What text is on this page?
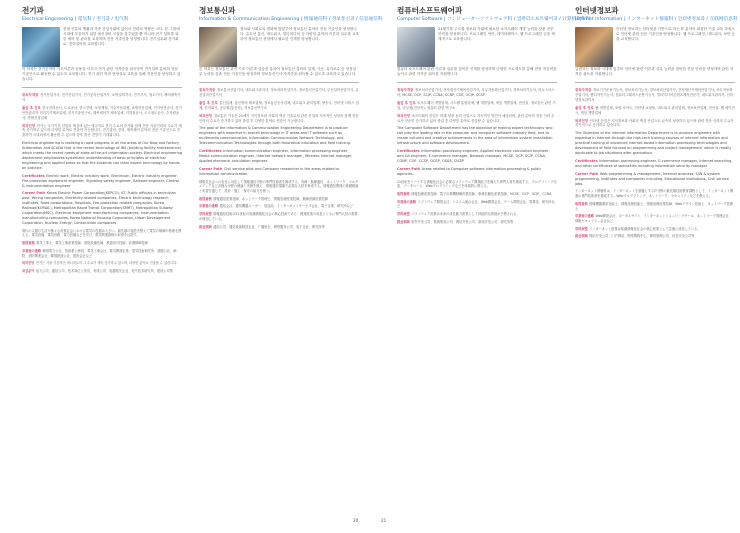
전기과
Electrical Engineering | 電気科 / 전기과 / 电气科
현대 인류의 생활과 각종 산업사회에 있어서 전력의 역할은 크다. 본 그룹에 시대에 부응하기 위한 최신장비 시설을 갖추었을 뿐 아니라 전기 설비를 위한 제어 및 관리를 교육하며 전문 기술인을 양성합니다. 전기실무와 전기회로, 전력설비를 교육합니다.
이 학과는 전기공학의 기초이론과 응용을 익히고 전기 관련 자격증을 취득하여 전기설비 분야의 전문 기술인으로 활동할 수 있도록 교육합니다. 전기 관련 학과 현장실무 교육을 통해 전문인을 양성하고 있습니다.
취득자격증 전기산업기사, 전기산업기사, 전기공사산업기사, 소방설비기사, 전기기사, 철도기사, 제어계측기사
졸업 후 진로 한국전력공사, 도로공사, 한국전력, 포항제철, 기술자문위원, 소방전문업체, 전기안전공사, 전기안전관리자 전기기기제조업체, 전기기술연구소, 계측제어기 제조업체, 지하철공사, 도시철도공사, 수자원공사, 종합건설업체
학과전망 전기는 국가기간 산업의 핵심에 있는 에너지로 전기 수요의 증가와 함께 전문 기술인력의 수요가 계속 증가하고 있으며 다양한 분야로 진출이 가능합니다. 전기설비, 전력, 계측제어 분야의 전문 기술인으로 진출하여 국내외에서 활동할 수 있으며 향후 밝은 전망이 기대됩니다.
Electrical engineering is realizing a rapid progress in all the areas of Our Now and Factory Automation and SCADA that is the recent technology of IBS (building facility maintenance) which meets the recent needs of state-of-the-art information society. Electrical engineering department emphasizes systematic understanding of basic principles of electrical engineering and applied areas so that the students can learn expert technology by hands-on practice.
Certificates Electric work, Electric industry work, Electrician, Electric industry engineer, Fire protection equipment engineer, Signaling safety engineer, Railroad engineer, Control & instrumentation engineer
Career Path Korea Electric Power Corporation(KEPCO), KT, Public officials in technician post, Wiring companies, Electricity-related companies, Electric technology research institutes, Road corporations, Hospitals, Fire-protection related companies, Korea Railroad(KORAIL), Metropolitan Rapid Transit Corporation(SMRT), Metropolitan Subway Corporation(MSC), Electrical equipment manufacturing companies, Instrumentation manufacturing companies, Korea National Housing Corporation, Urban Development Corporation, Nuclear Energy, Construction companies
現代の人類の生活や様々な産業社会における電気の役割は大きい。最先端の施設を整えて電気の制御や管理を教える。電気設備、電気回路、電力設備などを学び、電気関連資格の取得を目指す。
取得資格 電気工事士、電気工事産業技師、消防設備技師、鉄道信号技師、計測制御技師
卒業後の進路 韓国電力公社、技術系公務員、電気工事会社、電気関連企業、電気技術研究所、道路公社、病院、消防関連会社、韓国鉄道公社、建設会社など
학과전망 전기는 가장 기본적인 에너지로서 그 수요가 계속 증가하고 있으며, 다양한 분야로 진출할 수 있습니다.
취업분야 电力公司、通信公司、技术岗位公务员、布线公司、电器相关企业、电气技术研究所、建设公司等
정보통신과
Information & Communication Engineering | 情報通信科 / 정보통신과 / 信息通信科
정보와 사회로의 변화에 발맞추어 정보통신 분야의 전문 기술인을 양성합니다. 유무선 통신, 네트워크, 멀티미디어 등 다양한 분야의 이론과 실무를 교육하여 정보통신 현장에서 필요한 인재를 양성합니다.
본 학과는 정보통신 관련 기초 이론과 실습을 통하여 정보통신 설비의 설계, 시공, 유지보수 등 현장실무 능력을 갖춘 전문 기술인을 양성하며 정보통신기사 자격증을 취득할 수 있도록 교육하고 있습니다.
취득자격증 정보통신산업기사, 네트워크관리사, 정보처리산업기사, 정보통신산업기사, 무선설비산업기사, 유선설비산업기사
졸업 후 진로 통신업체, 통신장비 제조업체, 정보통신공사업체, 네트워크 관리업체, 방송국, 인터넷 서비스 업체, 전자회사, 공무원(통신직), 정보통신연구소
학과전망 정보통신 기술은 21세기 지식정보화 사회의 핵심 기술로서 관련 산업의 지속적인 성장과 함께 전문 인력의 수요가 증가하고 있어 졸업 후 다양한 분야로 진출이 가능합니다.
The goal of the Information & Communication Engineering Department is to produce engineers with expertise in overall technology in IT areas and IT software such as multimedia communication, Information Communication Network Technology, and Telecommunication Technologies through both theoretical education and field training.
Certificates Information communication engineer, Information processing engineer, Media communication engineer, Internet network manager, Wireless Internet manager, Applied electronic calculation engineer.
Career Path Civil service pilot and Company researcher in the areas related to information communication.
情報化社会への変化に対応して情報通信分野の専門技術者を養成する。有線・無線通信、ネットワーク、マルチメディアなど多様な分野の理論と実務を教え、情報通信現場で必要な人材を育成する。情報通信関連の基礎理論と実習を通じて、設計・施工・保守の能力を養う。
取得資格 情報通信産業技師、ネットワーク管理士、情報処理産業技師、無線設備産業技師
卒業後の進路 通信会社、通信機器メーカー、放送局、インターネットサービス会社、電子企業、研究所など
学科展望 情報通信技術は21世紀の知識情報化社会の核心技術であり、関連産業の成長とともに専門人材の需要が増加している。
就业领域 通信公司、通信设备制造企业、广播电台、网络服务公司、电子企业、研究所等
컴퓨터소프트웨어과
Computer Software | コンピューターソフトウェア科 / 컴퓨터소프트웨어과 / 计算机软件科
21세기를 주도할 정보화 사회에 필요한 소프트웨어 개발 능력을 갖춘 전문 인력을 양성합니다. 프로그래밍 언어, 데이터베이스, 웹 프로그래밍 등을 체계적으로 교육합니다.
컴퓨터 소프트웨어 관련 이론과 실무를 겸비한 인재를 양성하며 다양한 프로젝트를 통해 현장 적응력을 높이고 관련 자격증 취득을 지원합니다.
취득자격증 정보처리산업기사, 전자계산기제어산업기사, 사무자동화산업기사, 정보처리기능사, 리눅스마스터, MCSE, OCP, SCJP, CCNA, CCNP, COE, OCJP, CCSP
졸업 후 진로 소프트웨어 개발업체, 시스템 통합업체, 웹 개발업체, 게임 개발업체, 전산실, 정보통신 관련 기업, 공무원(전산직), 컴퓨터 관련 연구소
학과전망 소프트웨어 산업은 미래 성장 동력 산업으로 지속적인 발전이 예상되며, 관련 분야의 전문 인력 수요가 꾸준히 증가하고 있어 졸업 후 다양한 분야로 진출할 수 있습니다.
The Computer Software Department has the objective of making expert technicians who can play the leading role in the computer and computer software industry field, and to create cultured and creative achievements in the area of information system installation infrastructure and software development.
Certificates Information processing engineer, Applied electronic calculation engineer, and OA engineer, E-commerce manager, Network manager, MCSE, OCP, SCJP, CCNA, CONP, COE, CCSP, OCSP, OSSA, CISSP
Career Path Areas related to Computer software information processing & public agencies.
21世紀をリードする情報化社会に必要なソフトウェア開発能力を備えた専門人材を養成する。プログラミング言語、データベース、Webプログラミングなどを体系的に教える。
取得資格 情報処理産業技師、電子計算機制御産業技師、事務自動化産業技師、MCSE、OCP、SCJP、CCNA
卒業後の進路 ソフトウェア開発会社、システム統合会社、Web開発会社、ゲーム開発会社、電算室、研究所など
学科展望 ソフトウェア産業は未来の成長動力産業として持続的な発展が予想される。
就业领域 软件开发公司、系统集成公司、网站开发公司、游戏开发公司、研究所等
인터넷정보과
Internet Information | インターネット情報科 / 인터넷정보과 / 互联网信息科
인터넷 정보과는 인터넷을 기반으로 하는 IT 분야의 최첨단 기술 교육 과정으로 인터넷 관련 전문 기술인을 양성합니다. 웹 프로그래밍, 네트워크, 보안 등을 교육합니다.
급변하는 정보화 시대에 맞추어 인터넷 관련 이론과 실무 능력을 겸비한 전문 인력을 양성하며 관련 자격증 취득을 지원합니다.
취득자격증 정보기기운용기능사, 정보처리기능사, 정보처리산업기사, 전자계산기제어산업기사, 사무자동화산업기사, 웹디자인기능사, 컴퓨터그래픽스운용기능사, 멀티미디어콘텐츠제작전문가, 네트워크관리사, 인터넷정보관리사
졸업 후 진로 웹 개발업체, 포털 사이트, 인터넷 쇼핑몰, 네트워크 관리업체, 정보보안업체, 전산실, 웹 에이전시, 게임 개발업체
학과전망 인터넷 산업은 지식정보화 사회의 핵심 산업으로 급속히 성장하고 있으며 관련 전문 인력의 수요가 지속적으로 증가하고 있습니다.
The Objective of the Internet Information Department is to produce engineers with expertise in internet through the high-tech training courses of internet information and practical training of advanced internet-based information processing technologies and development of field focused on programming and project management, which is readily applicable to job situations after graduation.
Certificates Information processing engineer, E-commerce manager, Internet searching, and other certificates of specialties including information security manager.
Career Path Web programming & management, Internet business, S/W & system programming, Institutes and companies including, Educational institutions, Civil service jobs.
インターネット情報科は、インターネットを基盤とするIT分野の最先端技術教育課程として、インターネット関連の専門技術者を養成する。Webプログラミング、ネットワーク、セキュリティなどを教える。
取得資格 情報機器運用技能士、情報処理技能士、情報処理産業技師、Webデザイン技能士、ネットワーク管理士
卒業後の進路 Web開発会社、ポータルサイト、インターネットショッピングモール、ネットワーク管理会社、情報セキュリティ会社など
学科展望 インターネット産業は知識情報化社会の核心産業として急速に成長している。
就业领域 网站开发公司、门户网站、网络购物中心、网络管理公司、信息安全公司等
20	21
